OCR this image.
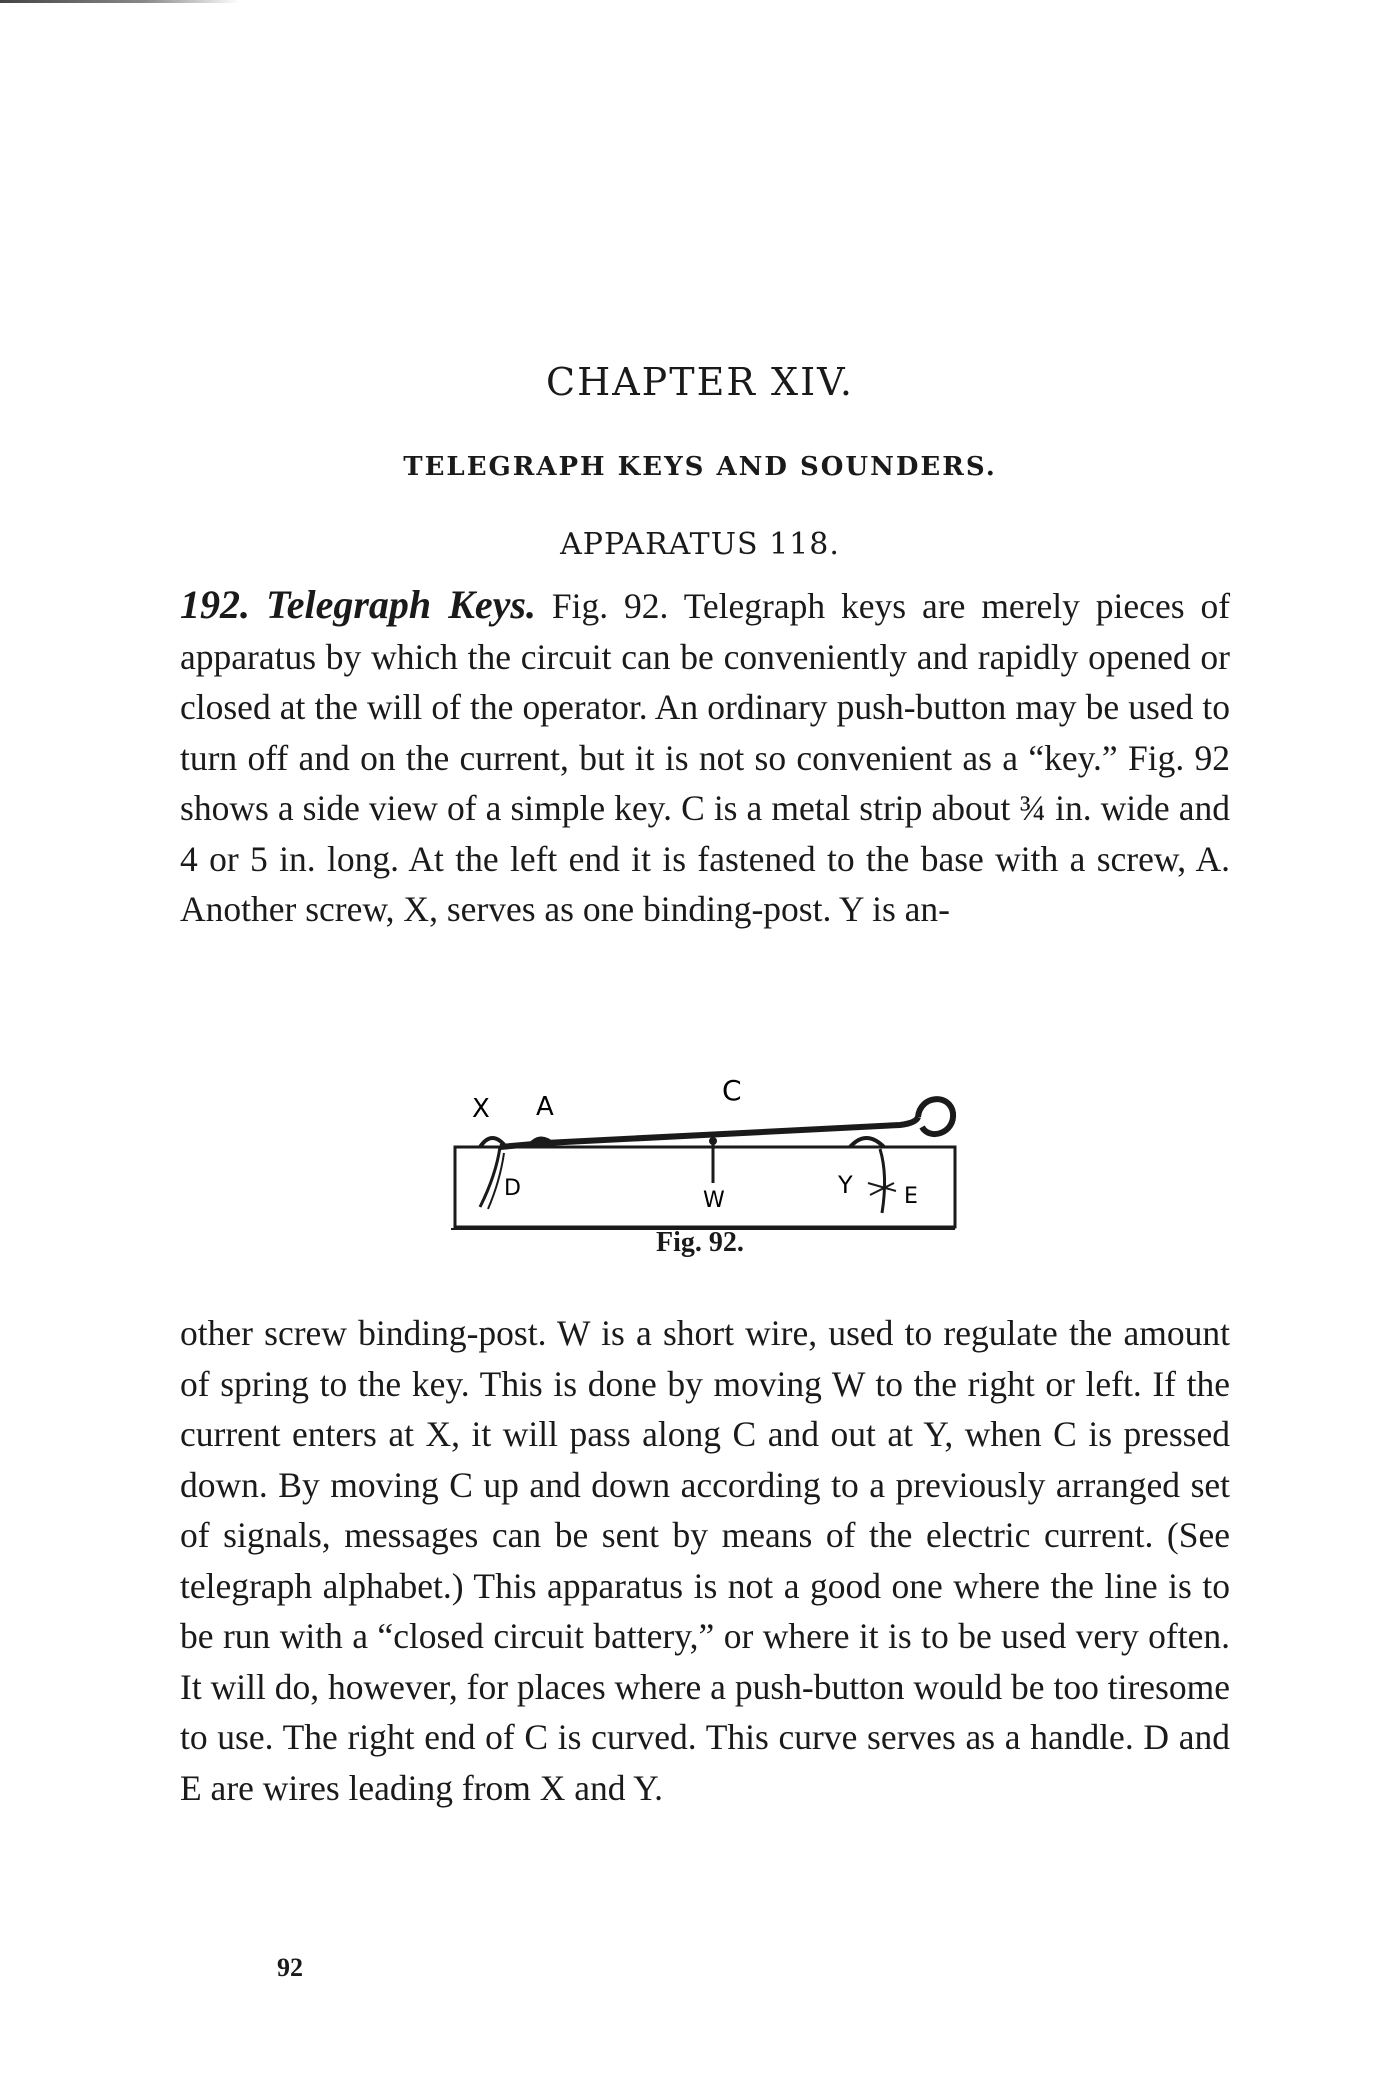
CHAPTER XIV.
TELEGRAPH KEYS AND SOUNDERS.
APPARATUS 118.

192. Telegraph Keys. Fig. 92. Telegraph keys are merely pieces of apparatus by which the circuit can be conveniently and rapidly opened or closed at the will of the operator. An ordinary push-button may be used to turn off and on the current, but it is not so convenient as a “key.” Fig. 92 shows a side view of a simple key. C is a metal strip about ¾ in. wide and 4 or 5 in. long. At the left end it is fastened to the base with a screw, A. Another screw, X, serves as one binding-post. Y is an-

X A	C
D	W
Y E
Fig. 92.

other screw binding-post. W is a short wire, used to regulate the amount of spring to the key. This is done by moving W to the right or left. If the current enters at X, it will pass along C and out at Y, when C is pressed down. By moving C up and down according to a previously arranged set of signals, messages can be sent by means of the electric current. (See telegraph alphabet.) This apparatus is not a good one where the line is to be run with a “closed circuit battery,” or where it is to be used very often. It will do, however, for places where a push-button would be too tiresome to use. The right end of C is curved. This curve serves as a handle. D and E are wires leading from X and Y.

92
